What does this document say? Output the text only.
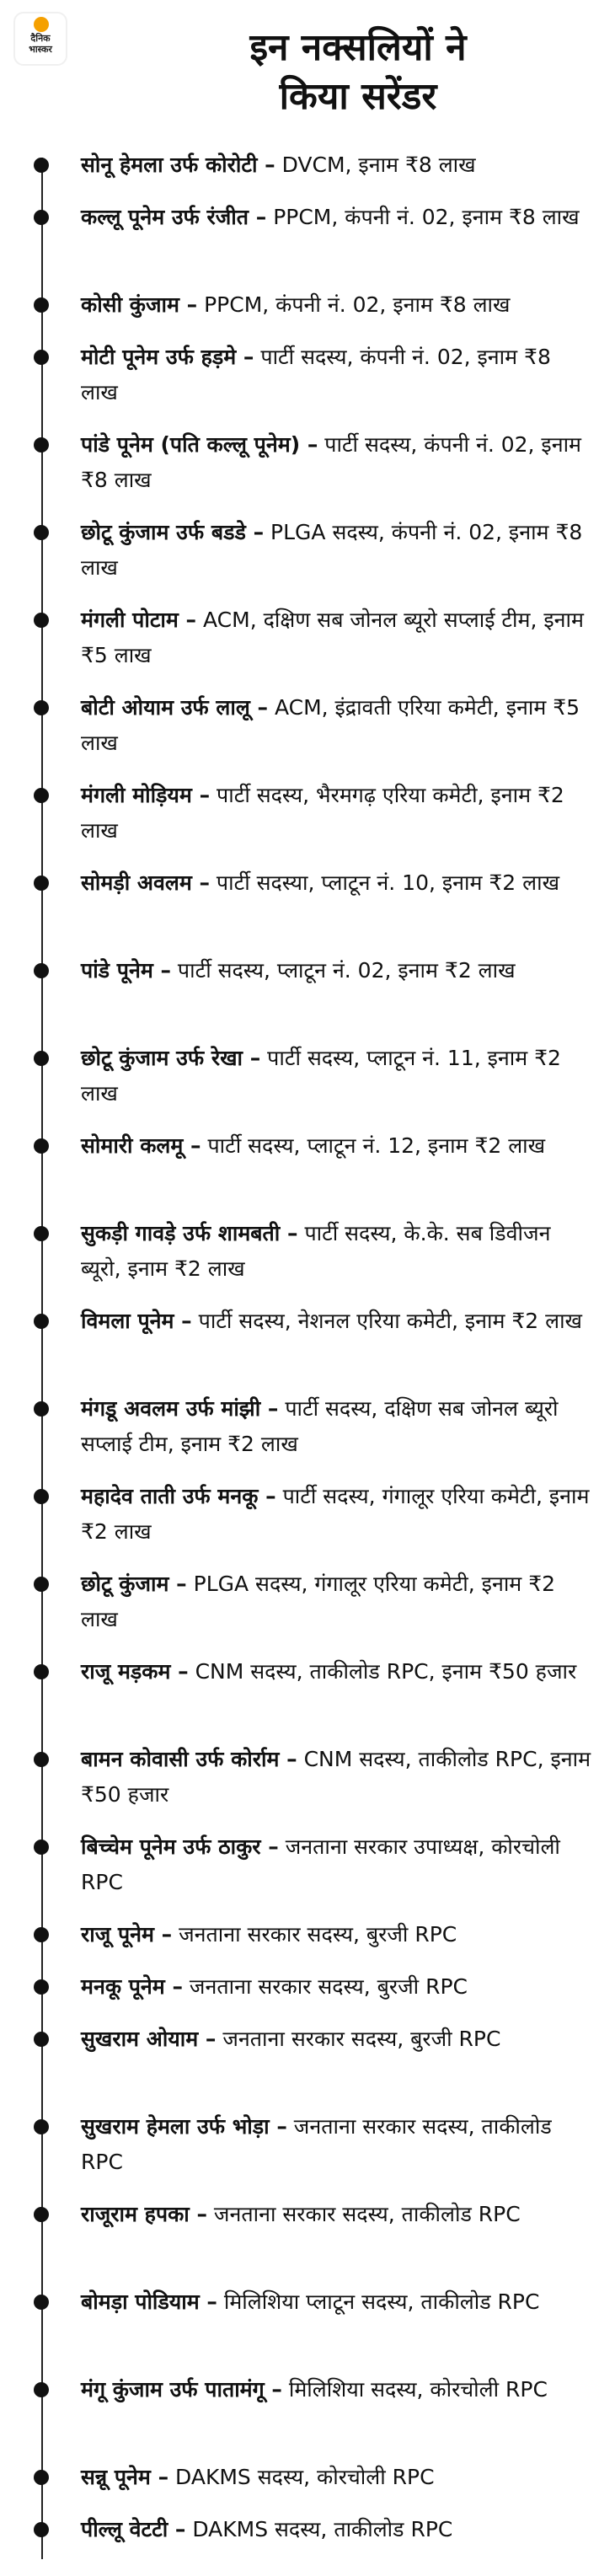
दैनिक
भास्कर	इन नक्सलियों ने
किया सरेंडर
सोनू हेमला उर्फ कोरोटी – DVCM, इनाम ₹8 लाख
कल्लू पूनेम उर्फ रंजीत – PPCM, कंपनी नं. 02, इनाम ₹8 लाख
कोसी कुंजाम – PPCM, कंपनी नं. 02, इनाम ₹8 लाख
मोटी पूनेम उर्फ हड़मे – पार्टी सदस्य, कंपनी नं. 02, इनाम ₹8 लाख
पांडे पूनेम (पति कल्लू पूनेम) – पार्टी सदस्य, कंपनी नं. 02, इनाम ₹8 लाख
छोटू कुंजाम उर्फ बडडे – PLGA सदस्य, कंपनी नं. 02, इनाम ₹8 लाख
मंगली पोटाम – ACM, दक्षिण सब जोनल ब्यूरो सप्लाई टीम, इनाम ₹5 लाख
बोटी ओयाम उर्फ लालू – ACM, इंद्रावती एरिया कमेटी, इनाम ₹5 लाख
मंगली मोड़ियम – पार्टी सदस्य, भैरमगढ़ एरिया कमेटी, इनाम ₹2 लाख
सोमड़ी अवलम – पार्टी सदस्या, प्लाटून नं. 10, इनाम ₹2 लाख
पांडे पूनेम – पार्टी सदस्य, प्लाटून नं. 02, इनाम ₹2 लाख
छोटू कुंजाम उर्फ रेखा – पार्टी सदस्य, प्लाटून नं. 11, इनाम ₹2 लाख
सोमारी कलमू – पार्टी सदस्य, प्लाटून नं. 12, इनाम ₹2 लाख
सुकड़ी गावड़े उर्फ शामबती – पार्टी सदस्य, के.के. सब डिवीजन ब्यूरो, इनाम ₹2 लाख
विमला पूनेम – पार्टी सदस्य, नेशनल एरिया कमेटी, इनाम ₹2 लाख
मंगडू अवलम उर्फ मांझी – पार्टी सदस्य, दक्षिण सब जोनल ब्यूरो सप्लाई टीम, इनाम ₹2 लाख
महादेव ताती उर्फ मनकू – पार्टी सदस्य, गंगालूर एरिया कमेटी, इनाम ₹2 लाख
छोटू कुंजाम – PLGA सदस्य, गंगालूर एरिया कमेटी, इनाम ₹2 लाख
राजू मड़कम – CNM सदस्य, ताकीलोड RPC, इनाम ₹50 हजार
बामन कोवासी उर्फ कोर्राम – CNM सदस्य, ताकीलोड RPC, इनाम ₹50 हजार
बिच्चेम पूनेम उर्फ ठाकुर – जनताना सरकार उपाध्यक्ष, कोरचोली RPC
राजू पूनेम – जनताना सरकार सदस्य, बुरजी RPC
मनकू पूनेम – जनताना सरकार सदस्य, बुरजी RPC
सुखराम ओयाम – जनताना सरकार सदस्य, बुरजी RPC
सुखराम हेमला उर्फ भोड़ा – जनताना सरकार सदस्य, ताकीलोड RPC
राजूराम हपका – जनताना सरकार सदस्य, ताकीलोड RPC
बोमड़ा पोडियाम – मिलिशिया प्लाटून सदस्य, ताकीलोड RPC
मंगू कुंजाम उर्फ पातामंगू – मिलिशिया सदस्य, कोरचोली RPC
सन्नू पूनेम – DAKMS सदस्य, कोरचोली RPC
पील्लू वेटटी – DAKMS सदस्य, ताकीलोड RPC
